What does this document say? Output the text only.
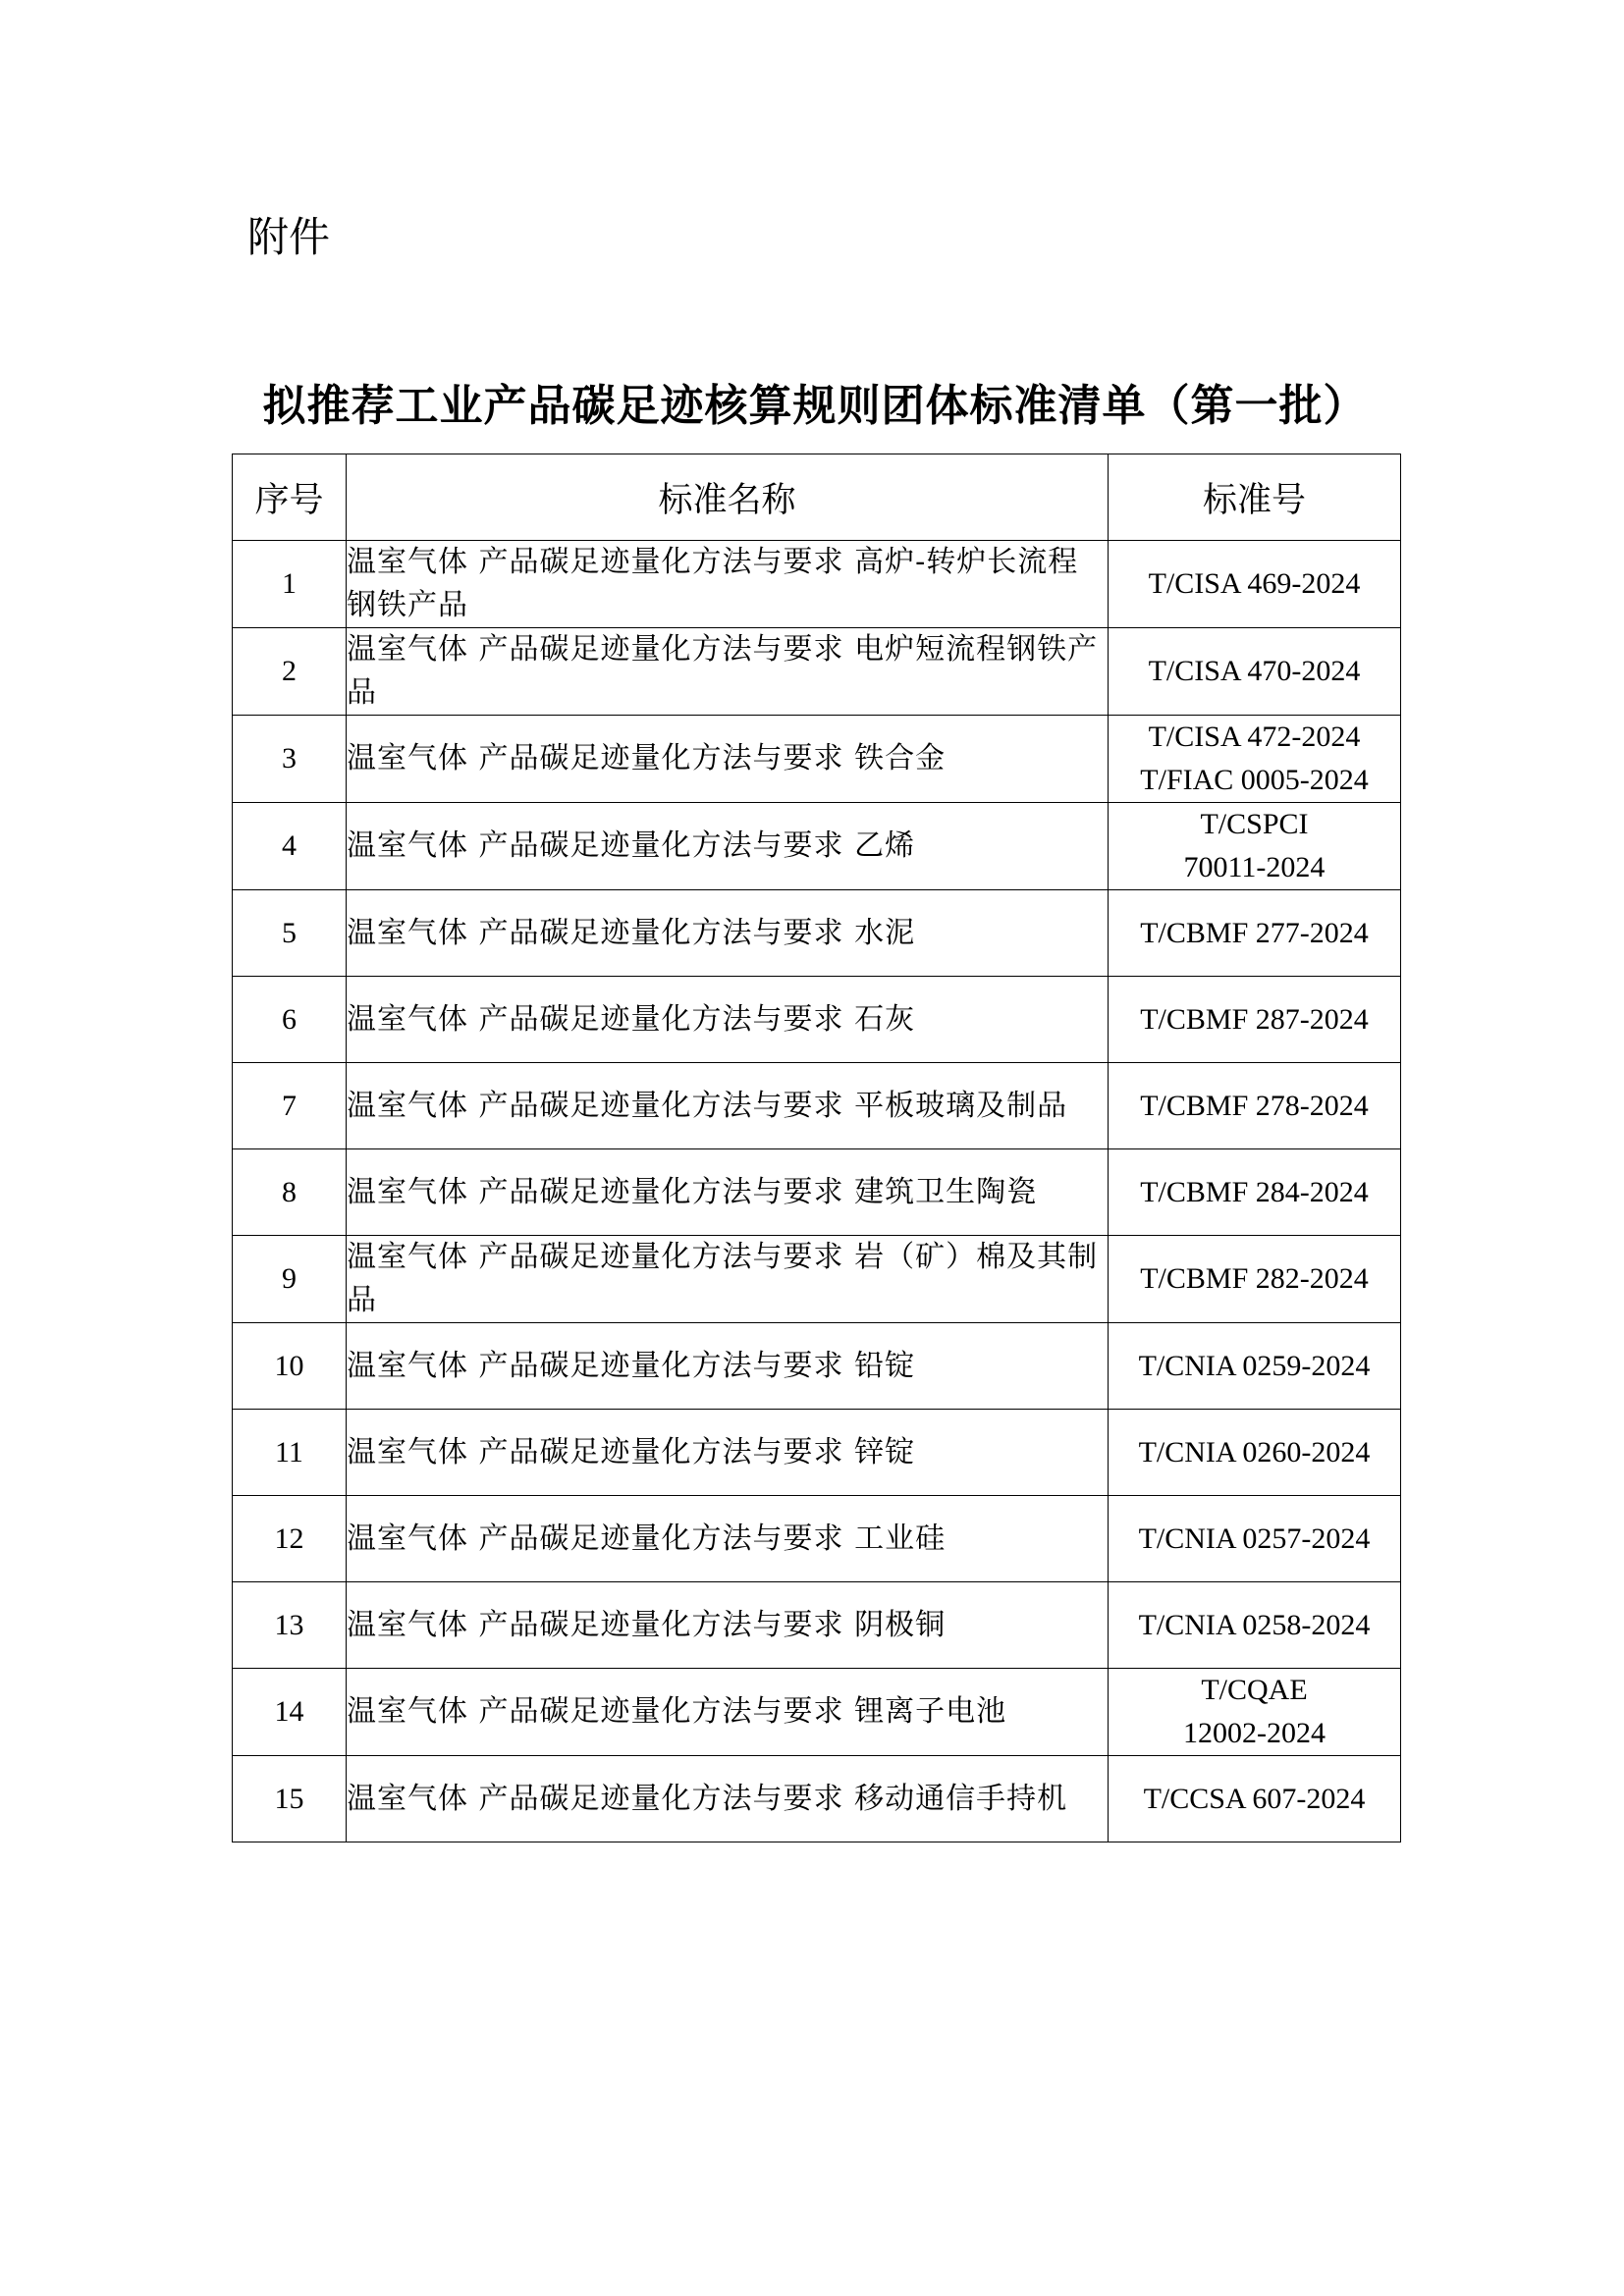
附件
拟推荐工业产品碳足迹核算规则团体标准清单（第一批）
序号	标准名称	标准号
1	温室气体 产品碳足迹量化方法与要求 高炉-转炉长流程钢铁产品	T/CISA 469-2024

2	温室气体 产品碳足迹量化方法与要求 电炉短流程钢铁产品	T/CISA 470-2024

3	温室气体 产品碳足迹量化方法与要求 铁合金	T/CISA 472-2024
T/FIAC 0005-2024

4	温室气体 产品碳足迹量化方法与要求 乙烯	T/CSPCI
70011-2024

5	温室气体 产品碳足迹量化方法与要求 水泥	T/CBMF 277-2024

6	温室气体 产品碳足迹量化方法与要求 石灰	T/CBMF 287-2024

7	温室气体 产品碳足迹量化方法与要求 平板玻璃及制品	T/CBMF 278-2024

8	温室气体 产品碳足迹量化方法与要求 建筑卫生陶瓷	T/CBMF 284-2024

9	温室气体 产品碳足迹量化方法与要求 岩（矿）棉及其制品	T/CBMF 282-2024

10	温室气体 产品碳足迹量化方法与要求 铅锭	T/CNIA 0259-2024

11	温室气体 产品碳足迹量化方法与要求 锌锭	T/CNIA 0260-2024

12	温室气体 产品碳足迹量化方法与要求 工业硅	T/CNIA 0257-2024

13	温室气体 产品碳足迹量化方法与要求 阴极铜	T/CNIA 0258-2024

14	温室气体 产品碳足迹量化方法与要求 锂离子电池	T/CQAE
12002-2024

15	温室气体 产品碳足迹量化方法与要求 移动通信手持机	T/CCSA 607-2024
